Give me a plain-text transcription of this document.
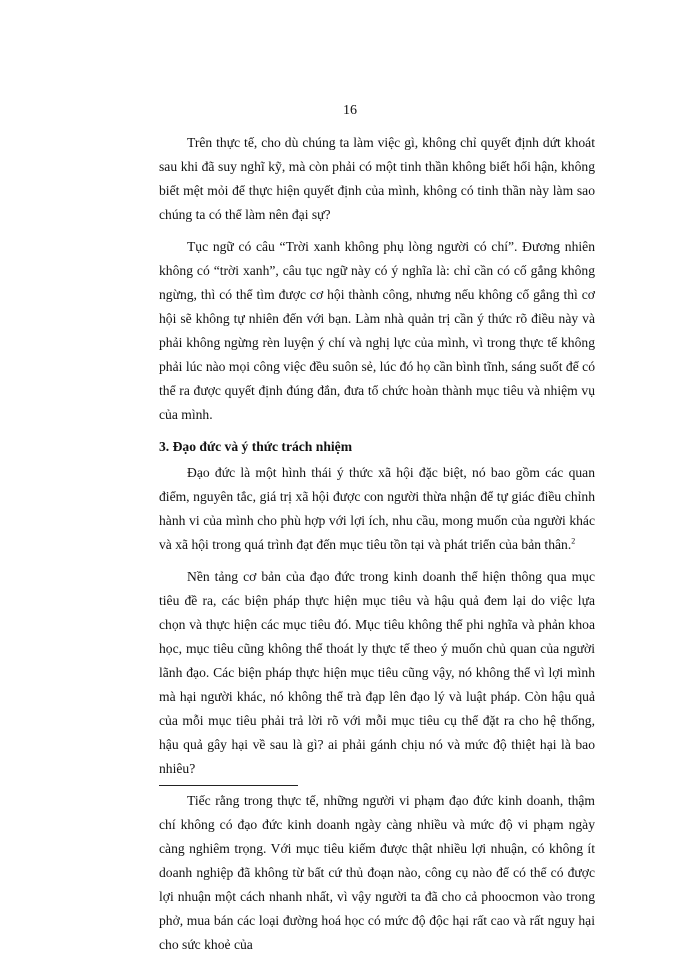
16

Trên thực tế, cho dù chúng ta làm việc gì, không chỉ quyết định dứt khoát sau khi đã suy nghĩ kỹ, mà còn phải có một tinh thần không biết hối hận, không biết mệt mỏi để thực hiện quyết định của mình, không có tinh thần này làm sao chúng ta có thể làm nên đại sự?

Tục ngữ có câu “Trời xanh không phụ lòng người có chí”. Đương nhiên không có “trời xanh”, câu tục ngữ này có ý nghĩa là: chỉ cần có cố gắng không ngừng, thì có thể tìm được cơ hội thành công, nhưng nếu không cố gắng thì cơ hội sẽ không tự nhiên đến với bạn. Làm nhà quản trị cần ý thức rõ điều này và phải không ngừng rèn luyện ý chí và nghị lực của mình, vì trong thực tế không phải lúc nào mọi công việc đều suôn sẻ, lúc đó họ cần bình tĩnh, sáng suốt để có thể ra được quyết định đúng đắn, đưa tổ chức hoàn thành mục tiêu và nhiệm vụ của mình.

3. Đạo đức và ý thức trách nhiệm

Đạo đức là một hình thái ý thức xã hội đặc biệt, nó bao gồm các quan điểm, nguyên tắc, giá trị xã hội được con người thừa nhận để tự giác điều chỉnh hành vi của mình cho phù hợp với lợi ích, nhu cầu, mong muốn của người khác và xã hội trong quá trình đạt đến mục tiêu tồn tại và phát triển của bản thân.$^2$

Nền tảng cơ bản của đạo đức trong kinh doanh thể hiện thông qua mục tiêu đề ra, các biện pháp thực hiện mục tiêu và hậu quả đem lại do việc lựa chọn và thực hiện các mục tiêu đó. Mục tiêu không thể phi nghĩa và phản khoa học, mục tiêu cũng không thể thoát ly thực tế theo ý muốn chủ quan của người lãnh đạo. Các biện pháp thực hiện mục tiêu cũng vậy, nó không thể vì lợi mình mà hại người khác, nó không thể trà đạp lên đạo lý và luật pháp. Còn hậu quả của mỗi mục tiêu phải trả lời rõ với mỗi mục tiêu cụ thể đặt ra cho hệ thống, hậu quả gây hại về sau là gì? ai phải gánh chịu nó và mức độ thiệt hại là bao nhiêu?

Tiếc rằng trong thực tế, những người vi phạm đạo đức kinh doanh, thậm chí không có đạo đức kinh doanh ngày càng nhiều và mức độ vi phạm ngày càng nghiêm trọng. Với mục tiêu kiếm được thật nhiều lợi nhuận, có không ít doanh nghiệp đã không từ bất cứ thủ đoạn nào, công cụ nào để có thể có được lợi nhuận một cách nhanh nhất, vì vậy người ta đã cho cả phoocmon vào trong phở, mua bán các loại đường hoá học có mức độ độc hại rất cao và rất nguy hại cho sức khoẻ của
